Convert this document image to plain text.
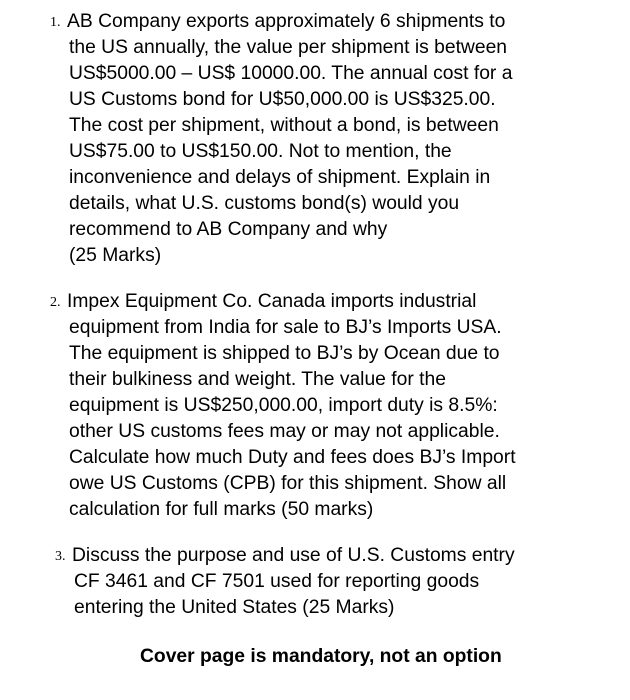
1. AB Company exports approximately 6 shipments to
the US annually, the value per shipment is between
US$5000.00 – US$ 10000.00. The annual cost for a
US Customs bond for U$50,000.00 is US$325.00.
The cost per shipment, without a bond, is between
US$75.00 to US$150.00. Not to mention, the
inconvenience and delays of shipment. Explain in
details, what U.S. customs bond(s) would you
recommend to AB Company and why
(25 Marks)
2. Impex Equipment Co. Canada imports industrial
equipment from India for sale to BJ’s Imports USA.
The equipment is shipped to BJ’s by Ocean due to
their bulkiness and weight. The value for the
equipment is US$250,000.00, import duty is 8.5%:
other US customs fees may or may not applicable.
Calculate how much Duty and fees does BJ’s Import
owe US Customs (CPB) for this shipment. Show all
calculation for full marks (50 marks)
3. Discuss the purpose and use of U.S. Customs entry
CF 3461 and CF 7501 used for reporting goods
entering the United States (25 Marks)
Cover page is mandatory, not an option
